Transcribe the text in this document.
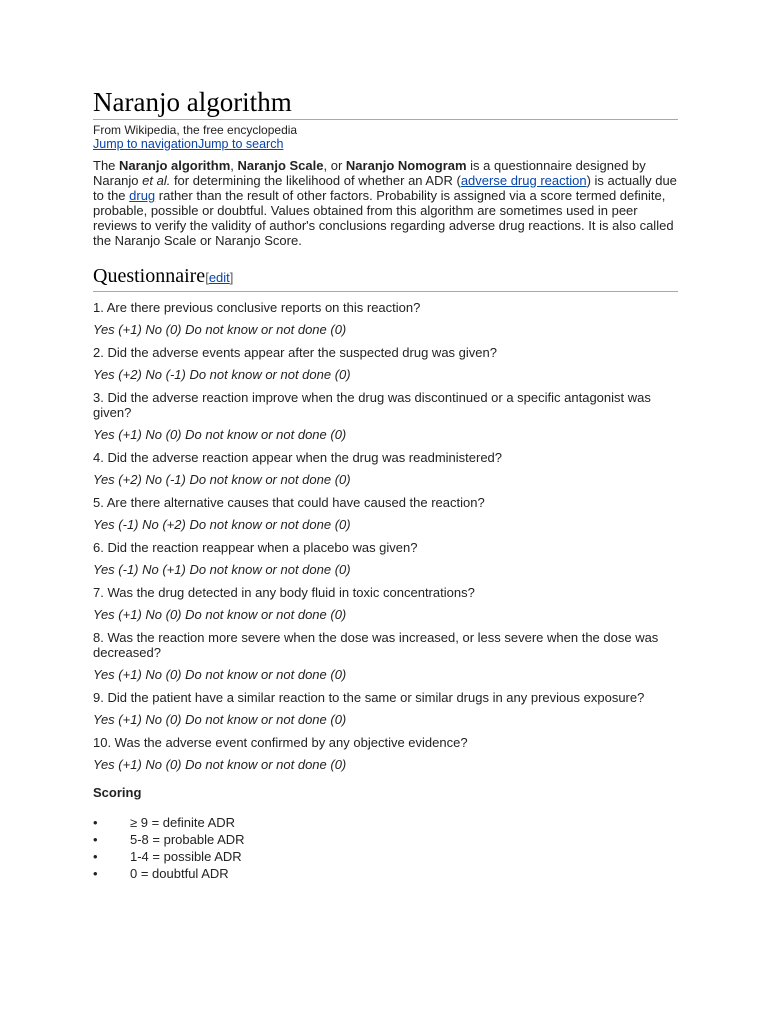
Naranjo algorithm
From Wikipedia, the free encyclopedia
Jump to navigationJump to search

The Naranjo algorithm, Naranjo Scale, or Naranjo Nomogram is a questionnaire designed by Naranjo et al. for determining the likelihood of whether an ADR (adverse drug reaction) is actually due to the drug rather than the result of other factors. Probability is assigned via a score termed definite, probable, possible or doubtful. Values obtained from this algorithm are sometimes used in peer reviews to verify the validity of author's conclusions regarding adverse drug reactions. It is also called the Naranjo Scale or Naranjo Score.

Questionnaire[edit]

1. Are there previous conclusive reports on this reaction?

Yes (+1) No (0) Do not know or not done (0)

2. Did the adverse events appear after the suspected drug was given?

Yes (+2) No (-1) Do not know or not done (0)

3. Did the adverse reaction improve when the drug was discontinued or a specific antagonist was given?

Yes (+1) No (0) Do not know or not done (0)

4. Did the adverse reaction appear when the drug was readministered?

Yes (+2) No (-1) Do not know or not done (0)

5. Are there alternative causes that could have caused the reaction?

Yes (-1) No (+2) Do not know or not done (0)

6. Did the reaction reappear when a placebo was given?

Yes (-1) No (+1) Do not know or not done (0)

7. Was the drug detected in any body fluid in toxic concentrations?

Yes (+1) No (0) Do not know or not done (0)

8. Was the reaction more severe when the dose was increased, or less severe when the dose was decreased?

Yes (+1) No (0) Do not know or not done (0)

9. Did the patient have a similar reaction to the same or similar drugs in any previous exposure?

Yes (+1) No (0) Do not know or not done (0)

10. Was the adverse event confirmed by any objective evidence?

Yes (+1) No (0) Do not know or not done (0)

Scoring

• ≥ 9 = definite ADR
• 5-8 = probable ADR
• 1-4 = possible ADR
• 0 = doubtful ADR
